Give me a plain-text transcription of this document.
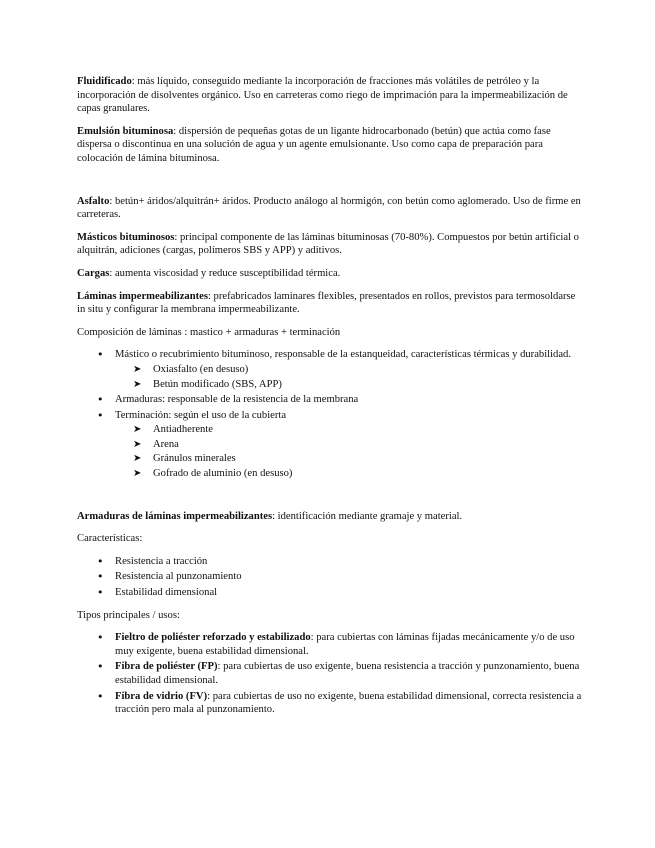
Fluidificado: más líquido, conseguido mediante la incorporación de fracciones más volátiles de petróleo y la incorporación de disolventes orgánico. Uso en carreteras como riego de imprimación para la impermeabilización de capas granulares.

Emulsión bituminosa: dispersión de pequeñas gotas de un ligante hidrocarbonado (betún) que actúa como fase dispersa o discontinua en una solución de agua y un agente emulsionante. Uso como capa de preparación para colocación de lámina bituminosa.

Asfalto: betún+ áridos/alquitrán+ áridos. Producto análogo al hormigón, con betún como aglomerado. Uso de firme en carreteras.

Másticos bituminosos: principal componente de las láminas bituminosas (70-80%). Compuestos por betún artificial o alquitrán, adiciones (cargas, polímeros SBS y APP) y aditivos.

Cargas: aumenta viscosidad y reduce susceptibilidad térmica.

Láminas impermeabilizantes: prefabricados laminares flexibles, presentados en rollos, previstos para termosoldarse in situ y configurar la membrana impermeabilizante.

Composición de láminas : mastico + armaduras + terminación

• Mástico o recubrimiento bituminoso, responsable de la estanqueidad, características térmicas y durabilidad.
➤ Oxiasfalto (en desuso)
➤ Betún modificado (SBS, APP)
• Armaduras: responsable de la resistencia de la membrana
• Terminación: según el uso de la cubierta
➤ Antiadherente
➤ Arena
➤ Gránulos minerales
➤ Gofrado de aluminio (en desuso)

Armaduras de láminas impermeabilizantes: identificación mediante gramaje y material.

Características:

• Resistencia a tracción
• Resistencia al punzonamiento
• Estabilidad dimensional

Tipos principales / usos:

• Fieltro de poliéster reforzado y estabilizado: para cubiertas con láminas fijadas mecánicamente y/o de uso muy exigente, buena estabilidad dimensional.
• Fibra de poliéster (FP): para cubiertas de uso exigente, buena resistencia a tracción y punzonamiento, buena estabilidad dimensional.
• Fibra de vidrio (FV): para cubiertas de uso no exigente, buena estabilidad dimensional, correcta resistencia a tracción pero mala al punzonamiento.
